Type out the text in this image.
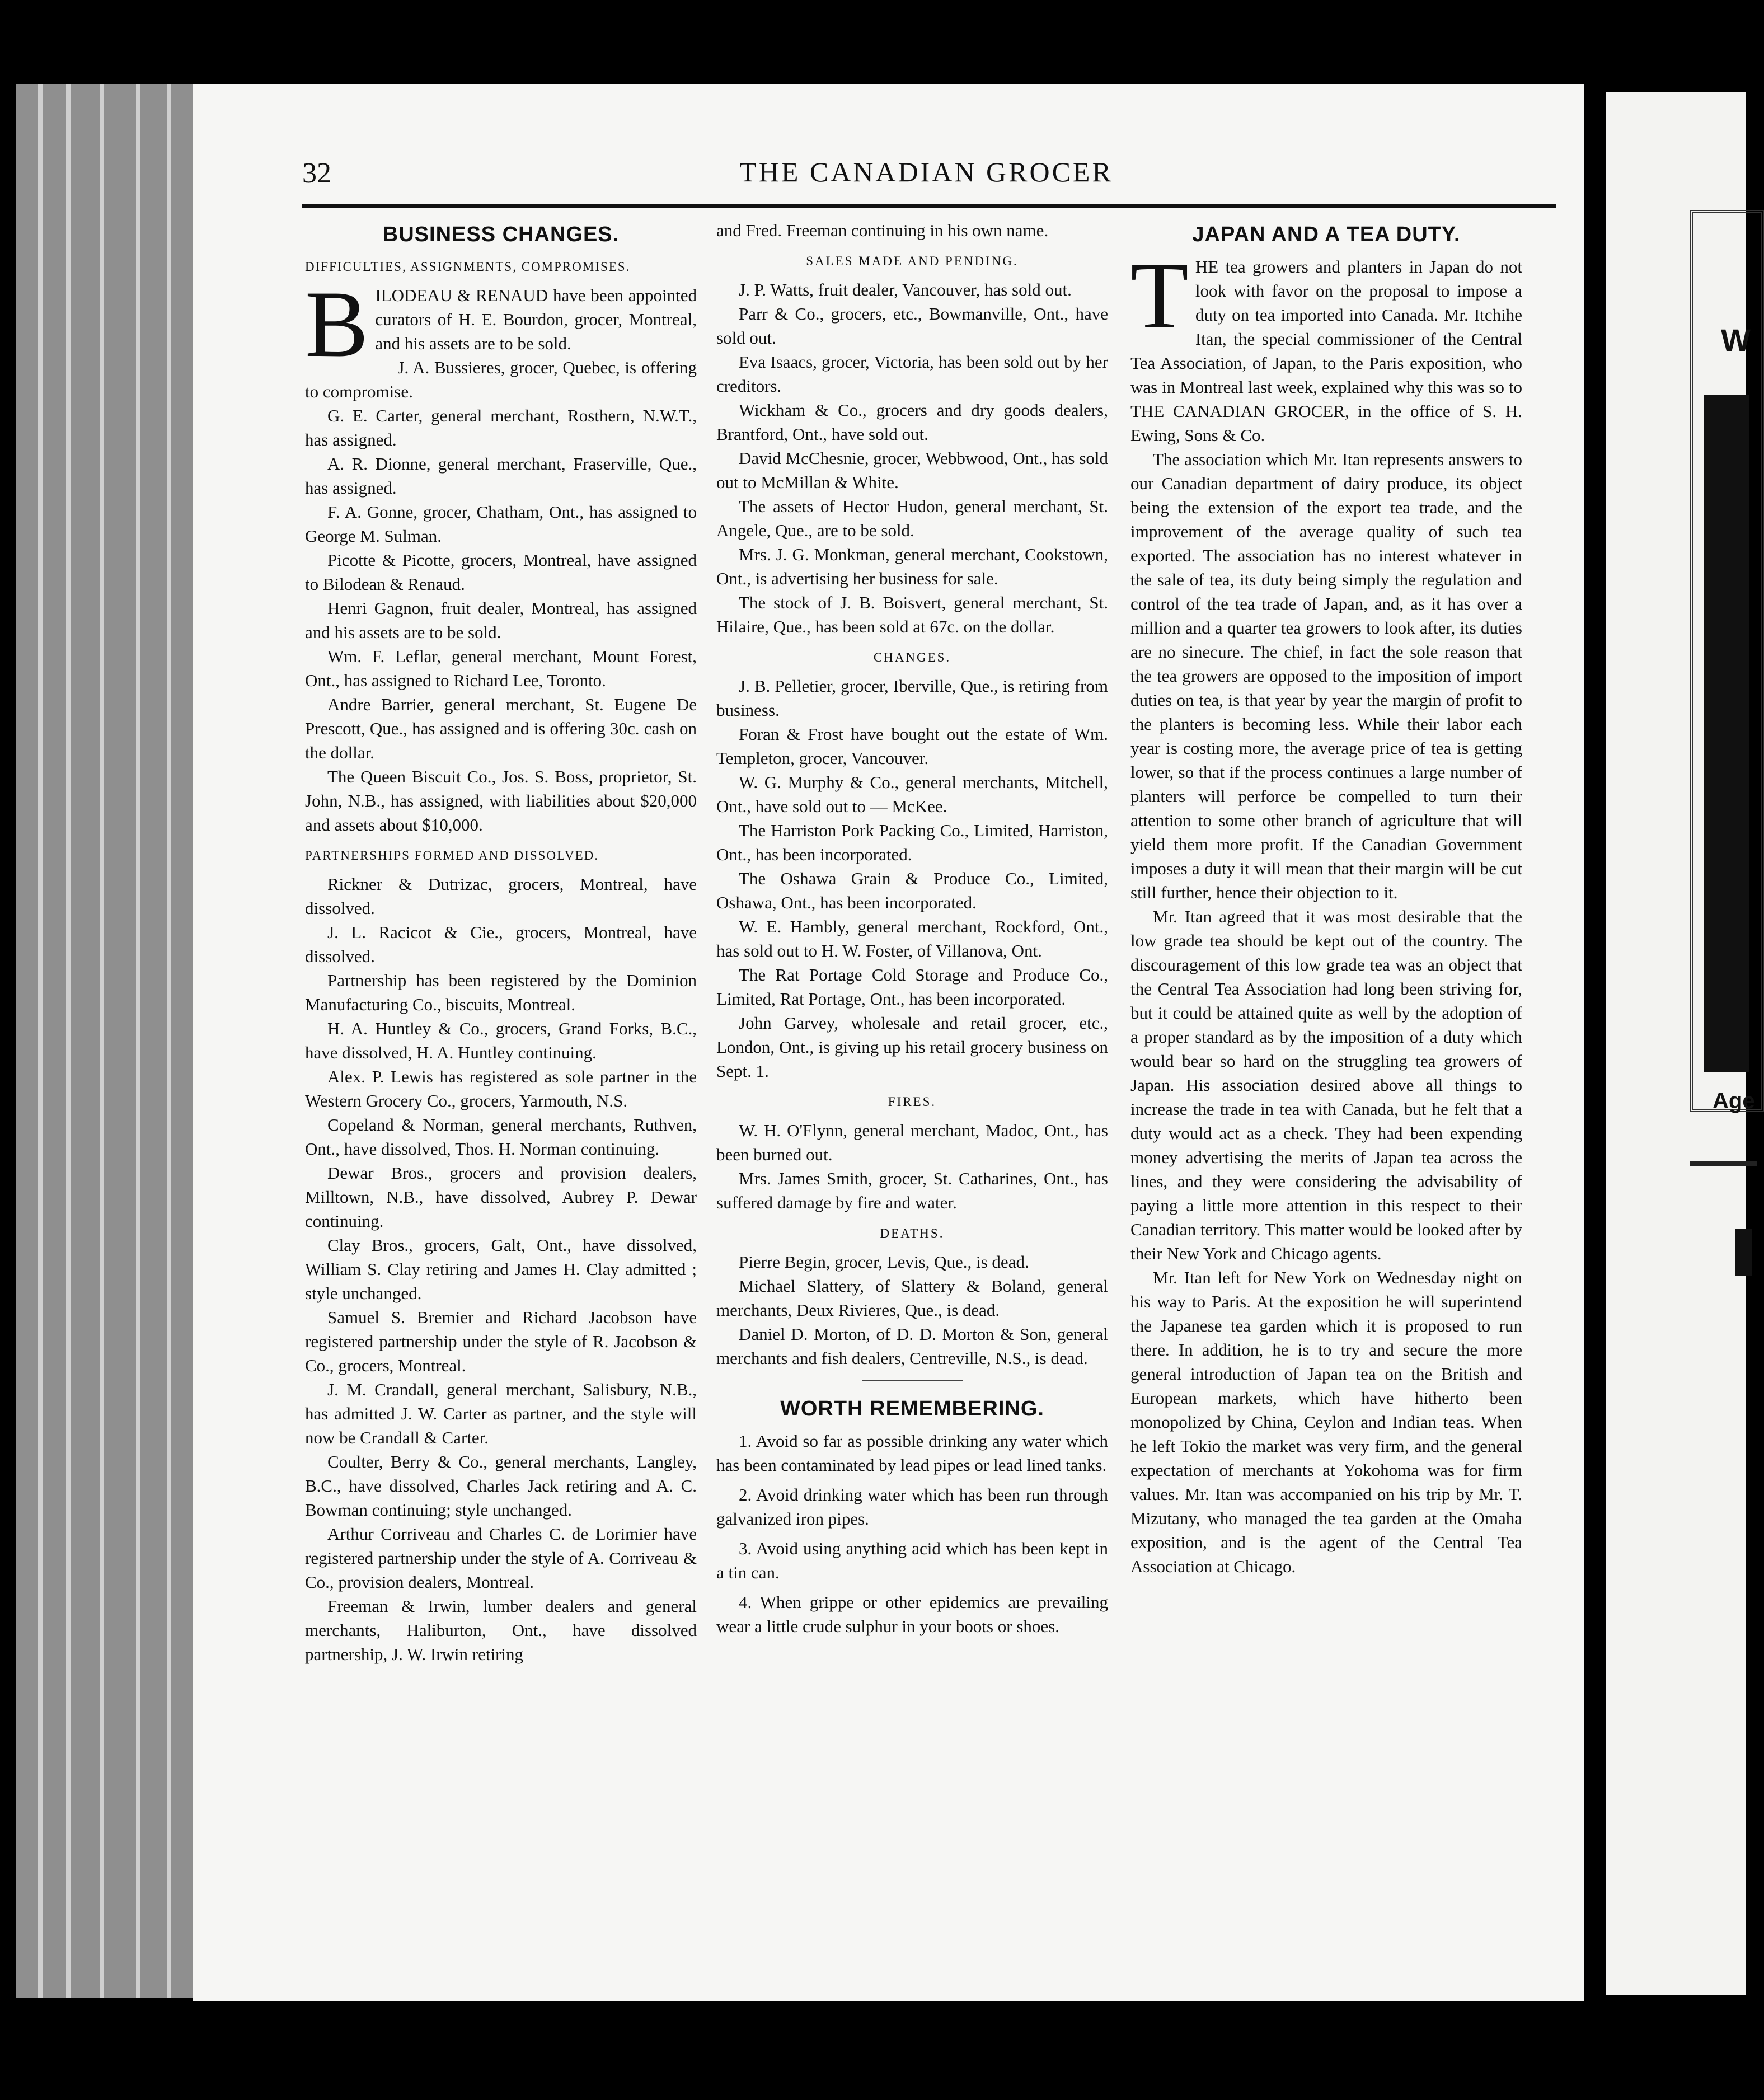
32	THE CANADIAN GROCER
BUSINESS CHANGES.
DIFFICULTIES, ASSIGNMENTS, COMPROMISES.

BILODEAU & RENAUD have been appointed curators of H. E. Bourdon, grocer, Montreal, and his assets are to be sold.

J. A. Bussieres, grocer, Quebec, is offering to compromise.

G. E. Carter, general merchant, Rosthern, N.W.T., has assigned.

A. R. Dionne, general merchant, Fraserville, Que., has assigned.

F. A. Gonne, grocer, Chatham, Ont., has assigned to George M. Sulman.

Picotte & Picotte, grocers, Montreal, have assigned to Bilodean & Renaud.

Henri Gagnon, fruit dealer, Montreal, has assigned and his assets are to be sold.

Wm. F. Leflar, general merchant, Mount Forest, Ont., has assigned to Richard Lee, Toronto.

Andre Barrier, general merchant, St. Eugene De Prescott, Que., has assigned and is offering 30c. cash on the dollar.

The Queen Biscuit Co., Jos. S. Boss, proprietor, St. John, N.B., has assigned, with liabilities about $20,000 and assets about $10,000.

PARTNERSHIPS FORMED AND DISSOLVED.

Rickner & Dutrizac, grocers, Montreal, have dissolved.

J. L. Racicot & Cie., grocers, Montreal, have dissolved.

Partnership has been registered by the Dominion Manufacturing Co., biscuits, Montreal.

H. A. Huntley & Co., grocers, Grand Forks, B.C., have dissolved, H. A. Huntley continuing.

Alex. P. Lewis has registered as sole partner in the Western Grocery Co., grocers, Yarmouth, N.S.

Copeland & Norman, general merchants, Ruthven, Ont., have dissolved, Thos. H. Norman continuing.

Dewar Bros., grocers and provision dealers, Milltown, N.B., have dissolved, Aubrey P. Dewar continuing.

Clay Bros., grocers, Galt, Ont., have dissolved, William S. Clay retiring and James H. Clay admitted ; style unchanged.

Samuel S. Bremier and Richard Jacobson have registered partnership under the style of R. Jacobson & Co., grocers, Montreal.

J. M. Crandall, general merchant, Salisbury, N.B., has admitted J. W. Carter as partner, and the style will now be Crandall & Carter.

Coulter, Berry & Co., general merchants, Langley, B.C., have dissolved, Charles Jack retiring and A. C. Bowman continuing; style unchanged.

Arthur Corriveau and Charles C. de Lorimier have registered partnership under the style of A. Corriveau & Co., provision dealers, Montreal.

Freeman & Irwin, lumber dealers and general merchants, Haliburton, Ont., have dissolved partnership, J. W. Irwin retiring

and Fred. Freeman continuing in his own name.

SALES MADE AND PENDING.

J. P. Watts, fruit dealer, Vancouver, has sold out.

Parr & Co., grocers, etc., Bowmanville, Ont., have sold out.

Eva Isaacs, grocer, Victoria, has been sold out by her creditors.

Wickham & Co., grocers and dry goods dealers, Brantford, Ont., have sold out.

David McChesnie, grocer, Webbwood, Ont., has sold out to McMillan & White.

The assets of Hector Hudon, general merchant, St. Angele, Que., are to be sold.

Mrs. J. G. Monkman, general merchant, Cookstown, Ont., is advertising her business for sale.

The stock of J. B. Boisvert, general merchant, St. Hilaire, Que., has been sold at 67c. on the dollar.

CHANGES.

J. B. Pelletier, grocer, Iberville, Que., is retiring from business.

Foran & Frost have bought out the estate of Wm. Templeton, grocer, Vancouver.

W. G. Murphy & Co., general merchants, Mitchell, Ont., have sold out to — McKee.

The Harriston Pork Packing Co., Limited, Harriston, Ont., has been incorporated.

The Oshawa Grain & Produce Co., Limited, Oshawa, Ont., has been incorporated.

W. E. Hambly, general merchant, Rockford, Ont., has sold out to H. W. Foster, of Villanova, Ont.

The Rat Portage Cold Storage and Produce Co., Limited, Rat Portage, Ont., has been incorporated.

John Garvey, wholesale and retail grocer, etc., London, Ont., is giving up his retail grocery business on Sept. 1.

FIRES.

W. H. O'Flynn, general merchant, Madoc, Ont., has been burned out.

Mrs. James Smith, grocer, St. Catharines, Ont., has suffered damage by fire and water.

DEATHS.

Pierre Begin, grocer, Levis, Que., is dead.

Michael Slattery, of Slattery & Boland, general merchants, Deux Rivieres, Que., is dead.

Daniel D. Morton, of D. D. Morton & Son, general merchants and fish dealers, Centreville, N.S., is dead.

WORTH REMEMBERING.

1. Avoid so far as possible drinking any water which has been contaminated by lead pipes or lead lined tanks.

2. Avoid drinking water which has been run through galvanized iron pipes.

3. Avoid using anything acid which has been kept in a tin can.

4. When grippe or other epidemics are prevailing wear a little crude sulphur in your boots or shoes.

JAPAN AND A TEA DUTY.

THE tea growers and planters in Japan do not look with favor on the proposal to impose a duty on tea imported into Canada. Mr. Itchihe Itan, the special commissioner of the Central Tea Association, of Japan, to the Paris exposition, who was in Montreal last week, explained why this was so to THE CANADIAN GROCER, in the office of S. H. Ewing, Sons & Co.

The association which Mr. Itan represents answers to our Canadian department of dairy produce, its object being the extension of the export tea trade, and the improvement of the average quality of such tea exported. The association has no interest whatever in the sale of tea, its duty being simply the regulation and control of the tea trade of Japan, and, as it has over a million and a quarter tea growers to look after, its duties are no sinecure. The chief, in fact the sole reason that the tea growers are opposed to the imposition of import duties on tea, is that year by year the margin of profit to the planters is becoming less. While their labor each year is costing more, the average price of tea is getting lower, so that if the process continues a large number of planters will perforce be compelled to turn their attention to some other branch of agriculture that will yield them more profit. If the Canadian Government imposes a duty it will mean that their margin will be cut still further, hence their objection to it.

Mr. Itan agreed that it was most desirable that the low grade tea should be kept out of the country. The discouragement of this low grade tea was an object that the Central Tea Association had long been striving for, but it could be attained quite as well by the adoption of a proper standard as by the imposition of a duty which would bear so hard on the struggling tea growers of Japan. His association desired above all things to increase the trade in tea with Canada, but he felt that a duty would act as a check. They had been expending money advertising the merits of Japan tea across the lines, and they were considering the advisability of paying a little more attention in this respect to their Canadian territory. This matter would be looked after by their New York and Chicago agents.

Mr. Itan left for New York on Wednesday night on his way to Paris. At the exposition he will superintend the Japanese tea garden which it is proposed to run there. In addition, he is to try and secure the more general introduction of Japan tea on the British and European markets, which have hitherto been monopolized by China, Ceylon and Indian teas. When he left Tokio the market was very firm, and the general expectation of merchants at Yokohoma was for firm values. Mr. Itan was accompanied on his trip by Mr. T. Mizutany, who managed the tea garden at the Omaha exposition, and is the agent of the Central Tea Association at Chicago.

W
Age
